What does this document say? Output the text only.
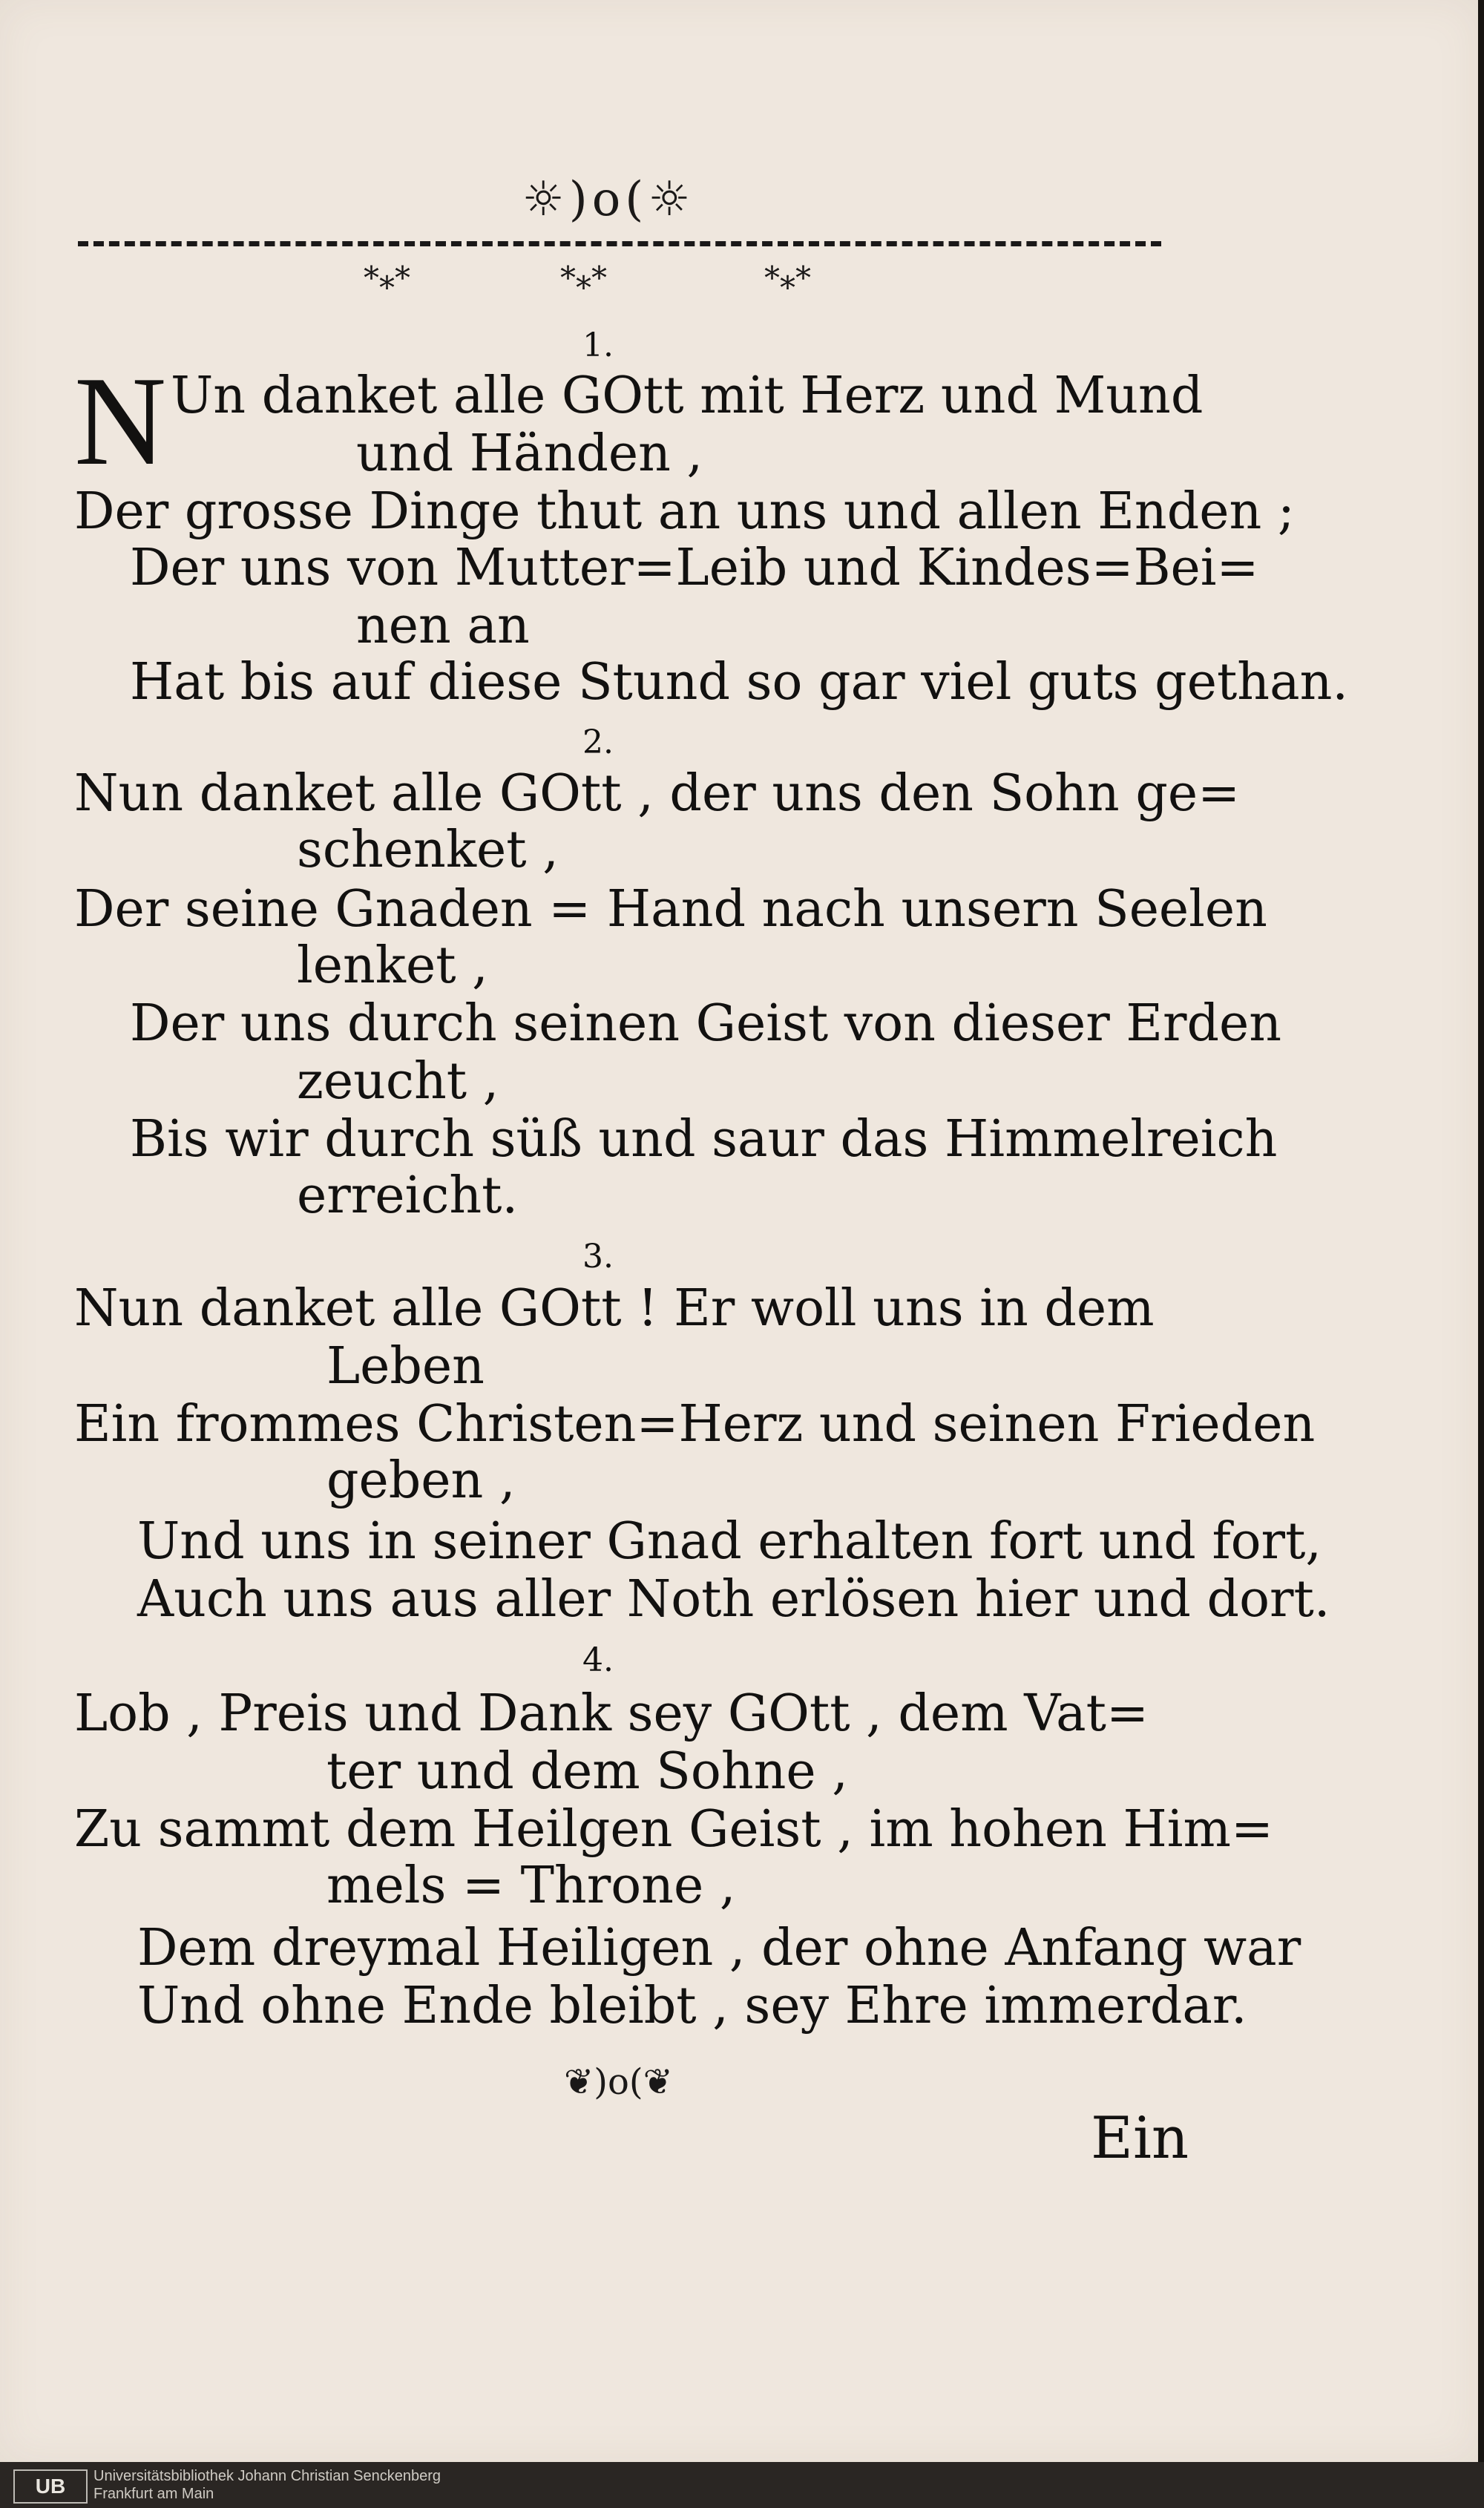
☼)o(☼
*⁎*	*⁎*	*⁎*
1.
N Un danket alle GOtt mit Herz und Mund
und Händen ,
Der grosse Dinge thut an uns und allen Enden ;
Der uns von Mutter=Leib und Kindes=Bei=
nen an
Hat bis auf diese Stund so gar viel guts gethan.
2.
Nun danket alle GOtt , der uns den Sohn ge=
schenket ,
Der seine Gnaden = Hand nach unsern Seelen
lenket ,
Der uns durch seinen Geist von dieser Erden
zeucht ,
Bis wir durch süß und saur das Himmelreich
erreicht.
3.
Nun danket alle GOtt ! Er woll uns in dem
Leben
Ein frommes Christen=Herz und seinen Frieden
geben ,
Und uns in seiner Gnad erhalten fort und fort,
Auch uns aus aller Noth erlösen hier und dort.
4.
Lob , Preis und Dank sey GOtt , dem Vat=
ter und dem Sohne ,
Zu sammt dem Heilgen Geist , im hohen Him=
mels = Throne ,
Dem dreymal Heiligen , der ohne Anfang war
Und ohne Ende bleibt , sey Ehre immerdar.
❦)o(❦
Ein
UB	Universitätsbibliothek Johann Christian Senckenberg
Frankfurt am Main
